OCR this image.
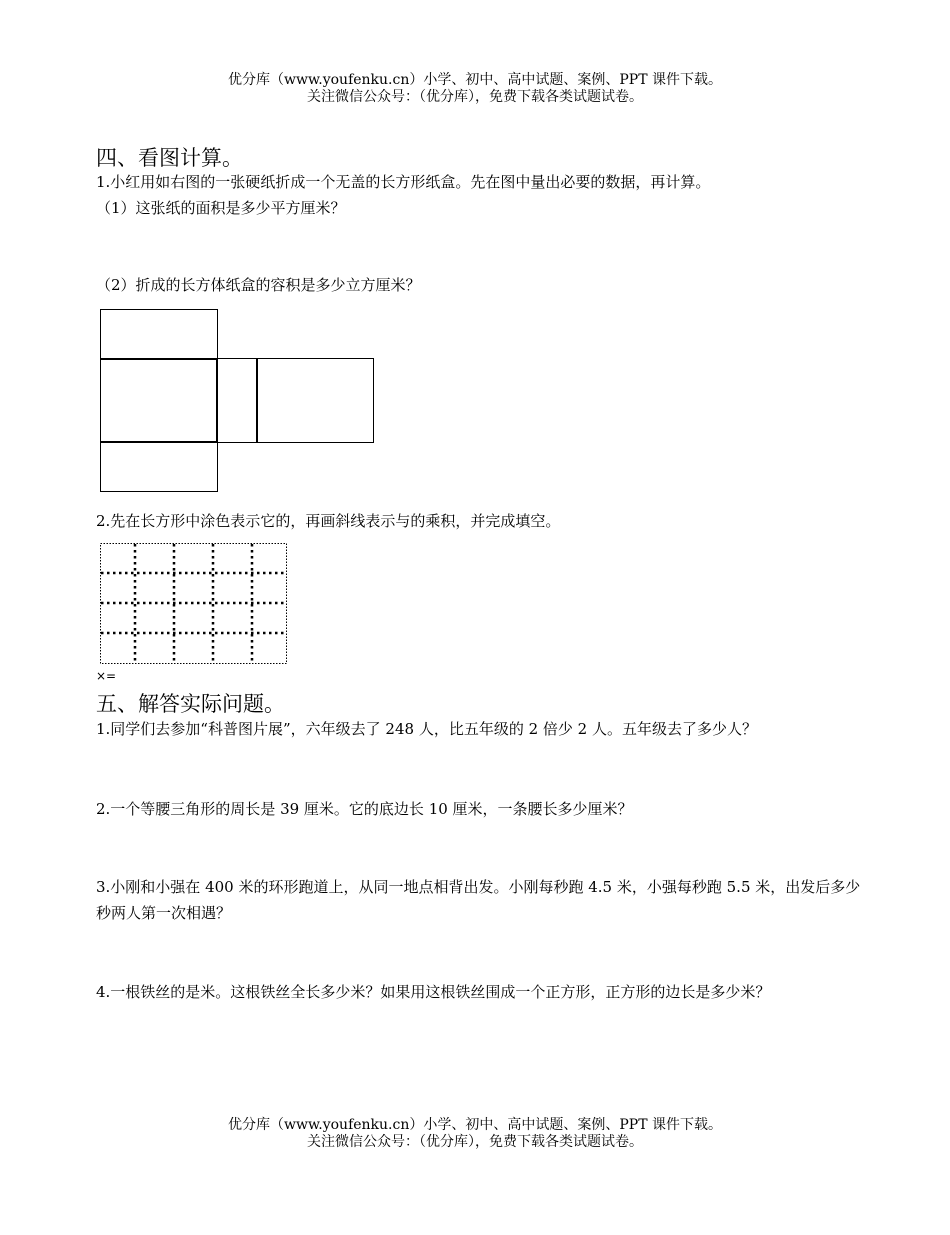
优分库（www.youfenku.cn）小学、初中、高中试题、案例、PPT 课件下载。
关注微信公众号：（优分库），免费下载各类试题试卷。
四、看图计算。
1.小红用如右图的一张硬纸折成一个无盖的长方形纸盒。先在图中量出必要的数据，再计算。
（1）这张纸的面积是多少平方厘米？
（2）折成的长方体纸盒的容积是多少立方厘米？
2.先在长方形中涂色表示它的，再画斜线表示与的乘积，并完成填空。
×=
五、解答实际问题。
1.同学们去参加“科普图片展”，六年级去了 248 人，比五年级的 2 倍少 2 人。五年级去了多少人？
2.一个等腰三角形的周长是 39 厘米。它的底边长 10 厘米，一条腰长多少厘米？
3.小刚和小强在 400 米的环形跑道上，从同一地点相背出发。小刚每秒跑 4.5 米，小强每秒跑 5.5 米，出发后多少秒两人第一次相遇？
4.一根铁丝的是米。这根铁丝全长多少米？如果用这根铁丝围成一个正方形，正方形的边长是多少米？
优分库（www.youfenku.cn）小学、初中、高中试题、案例、PPT 课件下载。
关注微信公众号：（优分库），免费下载各类试题试卷。
